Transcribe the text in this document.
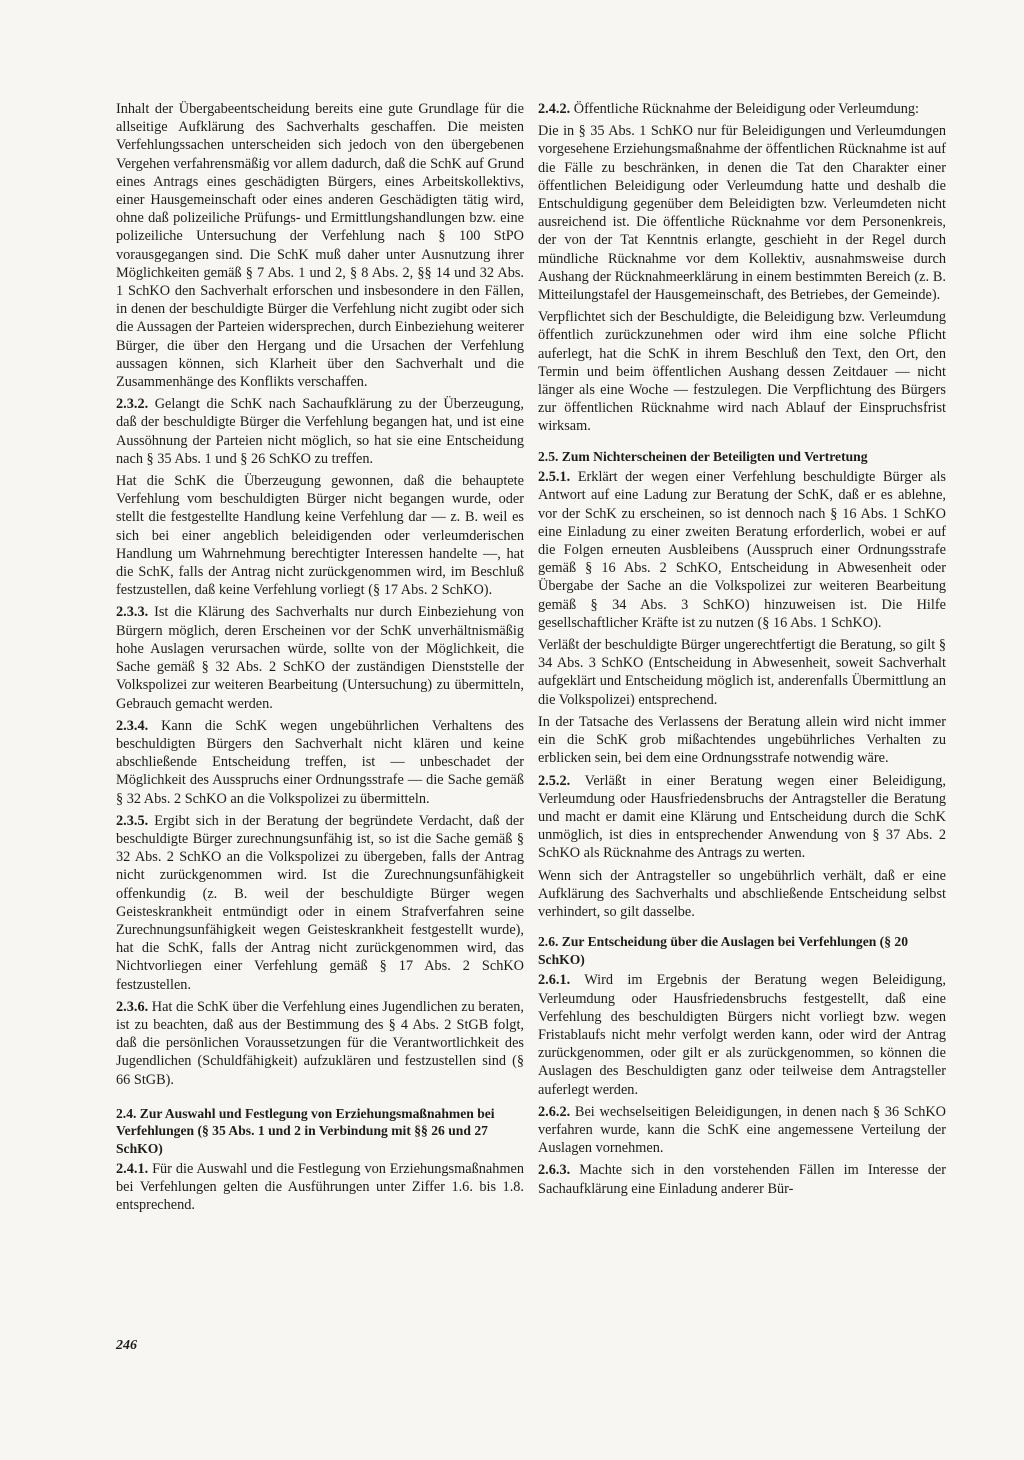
Inhalt der Übergabeentscheidung bereits eine gute Grundlage für die allseitige Aufklärung des Sachverhalts geschaffen. Die meisten Verfehlungssachen unterscheiden sich jedoch von den übergebenen Vergehen verfahrensmäßig vor allem dadurch, daß die SchK auf Grund eines Antrags eines geschädigten Bürgers, eines Arbeitskollektivs, einer Hausgemeinschaft oder eines anderen Geschädigten tätig wird, ohne daß polizeiliche Prüfungs- und Ermittlungshandlungen bzw. eine polizeiliche Untersuchung der Verfehlung nach § 100 StPO vorausgegangen sind. Die SchK muß daher unter Ausnutzung ihrer Möglichkeiten gemäß § 7 Abs. 1 und 2, § 8 Abs. 2, §§ 14 und 32 Abs. 1 SchKO den Sachverhalt erforschen und insbesondere in den Fällen, in denen der beschuldigte Bürger die Verfehlung nicht zugibt oder sich die Aussagen der Parteien widersprechen, durch Einbeziehung weiterer Bürger, die über den Hergang und die Ursachen der Verfehlung aussagen können, sich Klarheit über den Sachverhalt und die Zusammenhänge des Konflikts verschaffen.

2.3.2. Gelangt die SchK nach Sachaufklärung zu der Überzeugung, daß der beschuldigte Bürger die Verfehlung begangen hat, und ist eine Aussöhnung der Parteien nicht möglich, so hat sie eine Entscheidung nach § 35 Abs. 1 und § 26 SchKO zu treffen.

Hat die SchK die Überzeugung gewonnen, daß die behauptete Verfehlung vom beschuldigten Bürger nicht begangen wurde, oder stellt die festgestellte Handlung keine Verfehlung dar — z. B. weil es sich bei einer angeblich beleidigenden oder verleumderischen Handlung um Wahrnehmung berechtigter Interessen handelte —, hat die SchK, falls der Antrag nicht zurückgenommen wird, im Beschluß festzustellen, daß keine Verfehlung vorliegt (§ 17 Abs. 2 SchKO).

2.3.3. Ist die Klärung des Sachverhalts nur durch Einbeziehung von Bürgern möglich, deren Erscheinen vor der SchK unverhältnismäßig hohe Auslagen verursachen würde, sollte von der Möglichkeit, die Sache gemäß § 32 Abs. 2 SchKO der zuständigen Dienststelle der Volkspolizei zur weiteren Bearbeitung (Untersuchung) zu übermitteln, Gebrauch gemacht werden.

2.3.4. Kann die SchK wegen ungebührlichen Verhaltens des beschuldigten Bürgers den Sachverhalt nicht klären und keine abschließende Entscheidung treffen, ist — unbeschadet der Möglichkeit des Ausspruchs einer Ordnungsstrafe — die Sache gemäß § 32 Abs. 2 SchKO an die Volkspolizei zu übermitteln.

2.3.5. Ergibt sich in der Beratung der begründete Verdacht, daß der beschuldigte Bürger zurechnungsunfähig ist, so ist die Sache gemäß § 32 Abs. 2 SchKO an die Volkspolizei zu übergeben, falls der Antrag nicht zurückgenommen wird. Ist die Zurechnungsunfähigkeit offenkundig (z. B. weil der beschuldigte Bürger wegen Geisteskrankheit entmündigt oder in einem Strafverfahren seine Zurechnungsunfähigkeit wegen Geisteskrankheit festgestellt wurde), hat die SchK, falls der Antrag nicht zurückgenommen wird, das Nichtvorliegen einer Verfehlung gemäß § 17 Abs. 2 SchKO festzustellen.

2.3.6. Hat die SchK über die Verfehlung eines Jugendlichen zu beraten, ist zu beachten, daß aus der Bestimmung des § 4 Abs. 2 StGB folgt, daß die persönlichen Voraussetzungen für die Verantwortlichkeit des Jugendlichen (Schuldfähigkeit) aufzuklären und festzustellen sind (§ 66 StGB).

2.4. Zur Auswahl und Festlegung von Erziehungsmaßnahmen bei Verfehlungen (§ 35 Abs. 1 und 2 in Verbindung mit §§ 26 und 27 SchKO)

2.4.1. Für die Auswahl und die Festlegung von Erziehungsmaßnahmen bei Verfehlungen gelten die Ausführungen unter Ziffer 1.6. bis 1.8. entsprechend.

2.4.2. Öffentliche Rücknahme der Beleidigung oder Verleumdung:

Die in § 35 Abs. 1 SchKO nur für Beleidigungen und Verleumdungen vorgesehene Erziehungsmaßnahme der öffentlichen Rücknahme ist auf die Fälle zu beschränken, in denen die Tat den Charakter einer öffentlichen Beleidigung oder Verleumdung hatte und deshalb die Entschuldigung gegenüber dem Beleidigten bzw. Verleumdeten nicht ausreichend ist. Die öffentliche Rücknahme vor dem Personenkreis, der von der Tat Kenntnis erlangte, geschieht in der Regel durch mündliche Rücknahme vor dem Kollektiv, ausnahmsweise durch Aushang der Rücknahmeerklärung in einem bestimmten Bereich (z. B. Mitteilungstafel der Hausgemeinschaft, des Betriebes, der Gemeinde).

Verpflichtet sich der Beschuldigte, die Beleidigung bzw. Verleumdung öffentlich zurückzunehmen oder wird ihm eine solche Pflicht auferlegt, hat die SchK in ihrem Beschluß den Text, den Ort, den Termin und beim öffentlichen Aushang dessen Zeitdauer — nicht länger als eine Woche — festzulegen. Die Verpflichtung des Bürgers zur öffentlichen Rücknahme wird nach Ablauf der Einspruchsfrist wirksam.

2.5. Zum Nichterscheinen der Beteiligten und Vertretung

2.5.1. Erklärt der wegen einer Verfehlung beschuldigte Bürger als Antwort auf eine Ladung zur Beratung der SchK, daß er es ablehne, vor der SchK zu erscheinen, so ist dennoch nach § 16 Abs. 1 SchKO eine Einladung zu einer zweiten Beratung erforderlich, wobei er auf die Folgen erneuten Ausbleibens (Ausspruch einer Ordnungsstrafe gemäß § 16 Abs. 2 SchKO, Entscheidung in Abwesenheit oder Übergabe der Sache an die Volkspolizei zur weiteren Bearbeitung gemäß § 34 Abs. 3 SchKO) hinzuweisen ist. Die Hilfe gesellschaftlicher Kräfte ist zu nutzen (§ 16 Abs. 1 SchKO).

Verläßt der beschuldigte Bürger ungerechtfertigt die Beratung, so gilt § 34 Abs. 3 SchKO (Entscheidung in Abwesenheit, soweit Sachverhalt aufgeklärt und Entscheidung möglich ist, anderenfalls Übermittlung an die Volkspolizei) entsprechend.

In der Tatsache des Verlassens der Beratung allein wird nicht immer ein die SchK grob mißachtendes ungebührliches Verhalten zu erblicken sein, bei dem eine Ordnungsstrafe notwendig wäre.

2.5.2. Verläßt in einer Beratung wegen einer Beleidigung, Verleumdung oder Hausfriedensbruchs der Antragsteller die Beratung und macht er damit eine Klärung und Entscheidung durch die SchK unmöglich, ist dies in entsprechender Anwendung von § 37 Abs. 2 SchKO als Rücknahme des Antrags zu werten.

Wenn sich der Antragsteller so ungebührlich verhält, daß er eine Aufklärung des Sachverhalts und abschließende Entscheidung selbst verhindert, so gilt dasselbe.

2.6. Zur Entscheidung über die Auslagen bei Verfehlungen (§ 20 SchKO)

2.6.1. Wird im Ergebnis der Beratung wegen Beleidigung, Verleumdung oder Hausfriedensbruchs festgestellt, daß eine Verfehlung des beschuldigten Bürgers nicht vorliegt bzw. wegen Fristablaufs nicht mehr verfolgt werden kann, oder wird der Antrag zurückgenommen, oder gilt er als zurückgenommen, so können die Auslagen des Beschuldigten ganz oder teilweise dem Antragsteller auferlegt werden.

2.6.2. Bei wechselseitigen Beleidigungen, in denen nach § 36 SchKO verfahren wurde, kann die SchK eine angemessene Verteilung der Auslagen vornehmen.

2.6.3. Machte sich in den vorstehenden Fällen im Interesse der Sachaufklärung eine Einladung anderer Bür-

246
